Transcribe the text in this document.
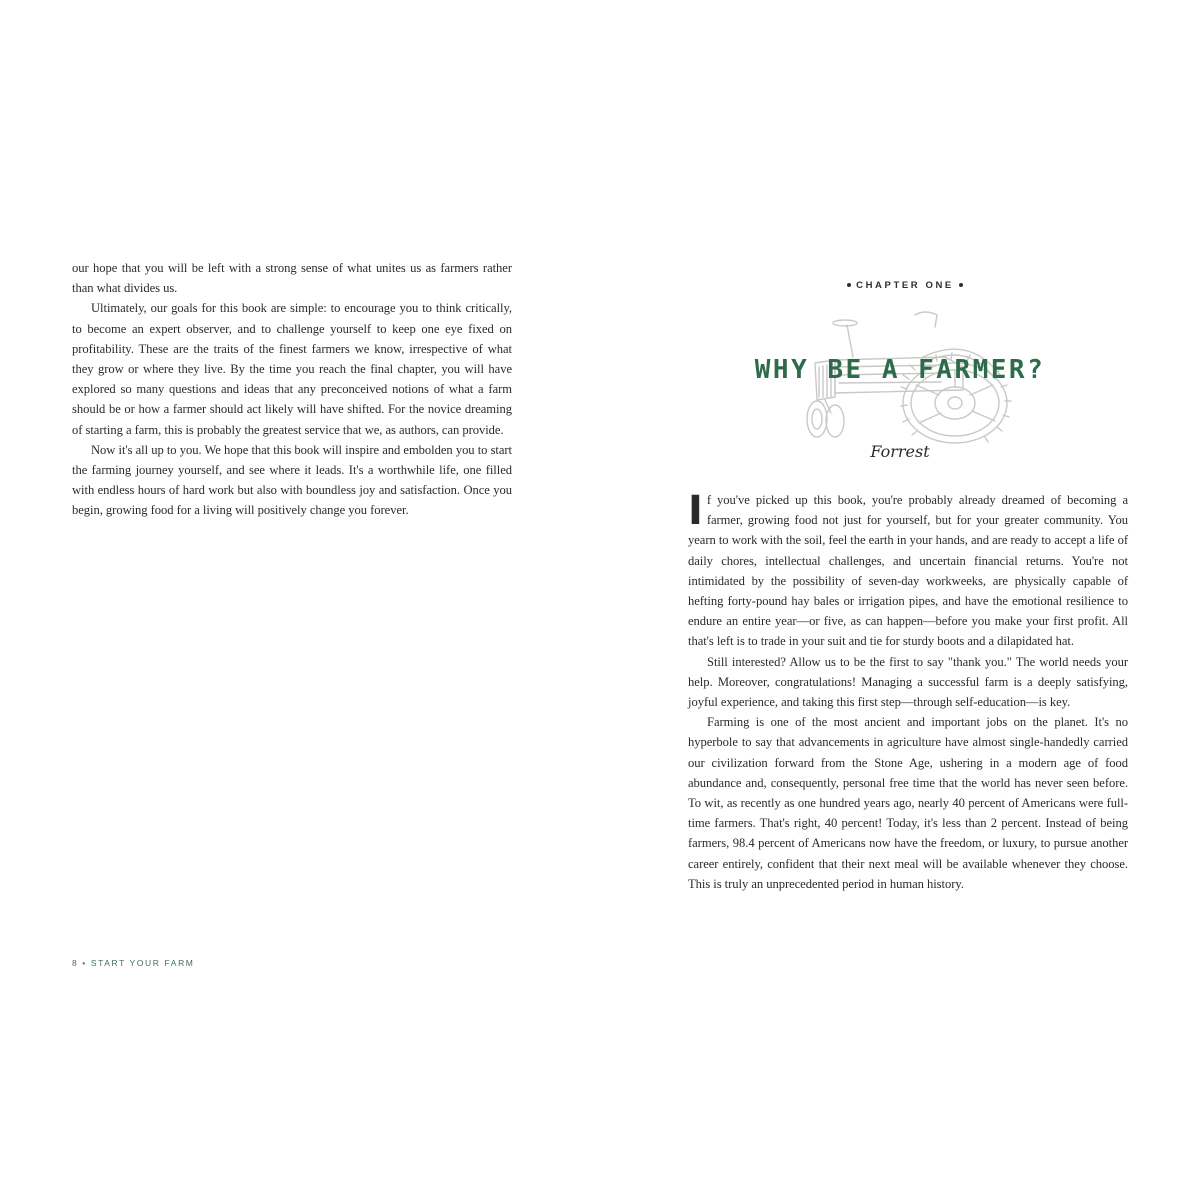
our hope that you will be left with a strong sense of what unites us as farmers rather than what divides us.

Ultimately, our goals for this book are simple: to encourage you to think critically, to become an expert observer, and to challenge yourself to keep one eye fixed on profitability. These are the traits of the finest farmers we know, irrespective of what they grow or where they live. By the time you reach the final chapter, you will have explored so many questions and ideas that any preconceived notions of what a farm should be or how a farmer should act likely will have shifted. For the novice dreaming of starting a farm, this is probably the greatest service that we, as authors, can provide.

Now it's all up to you. We hope that this book will inspire and embolden you to start the farming journey yourself, and see where it leads. It's a worthwhile life, one filled with endless hours of hard work but also with boundless joy and satisfaction. Once you begin, growing food for a living will positively change you forever.

8 • START YOUR FARM
CHAPTER ONE
WHY BE A FARMER?
Forrest

If you've picked up this book, you're probably already dreamed of becoming a farmer, growing food not just for yourself, but for your greater community. You yearn to work with the soil, feel the earth in your hands, and are ready to accept a life of daily chores, intellectual challenges, and uncertain financial returns. You're not intimidated by the possibility of seven-day workweeks, are physically capable of hefting forty-pound hay bales or irrigation pipes, and have the emotional resilience to endure an entire year—or five, as can happen—before you make your first profit. All that's left is to trade in your suit and tie for sturdy boots and a dilapidated hat.

Still interested? Allow us to be the first to say "thank you." The world needs your help. Moreover, congratulations! Managing a successful farm is a deeply satisfying, joyful experience, and taking this first step—through self-education—is key.

Farming is one of the most ancient and important jobs on the planet. It's no hyperbole to say that advancements in agriculture have almost single-handedly carried our civilization forward from the Stone Age, ushering in a modern age of food abundance and, consequently, personal free time that the world has never seen before. To wit, as recently as one hundred years ago, nearly 40 percent of Americans were full-time farmers. That's right, 40 percent! Today, it's less than 2 percent. Instead of being farmers, 98.4 percent of Americans now have the freedom, or luxury, to pursue another career entirely, confident that their next meal will be available whenever they choose. This is truly an unprecedented period in human history.
